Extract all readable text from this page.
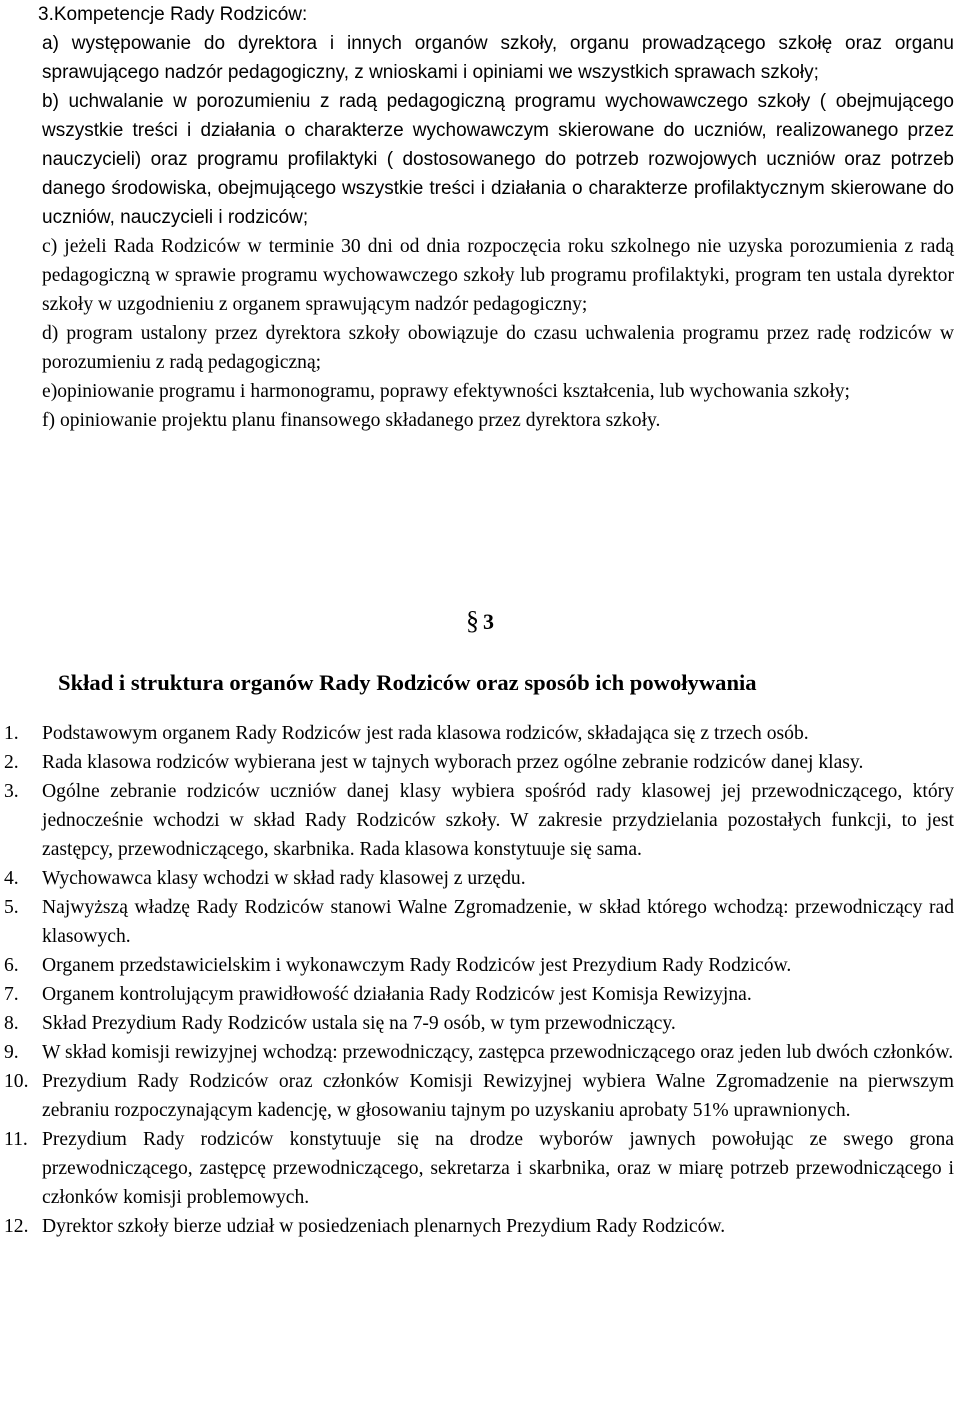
3.Kompetencje Rady Rodziców:

a) występowanie do dyrektora i innych organów szkoły, organu prowadzącego szkołę oraz organu sprawującego nadzór pedagogiczny, z wnioskami i opiniami we wszystkich sprawach szkoły;

b) uchwalanie w porozumieniu z radą pedagogiczną programu wychowawczego szkoły ( obejmującego wszystkie treści i działania o charakterze wychowawczym skierowane do uczniów, realizowanego przez nauczycieli) oraz programu profilaktyki ( dostosowanego do potrzeb rozwojowych uczniów oraz potrzeb danego środowiska, obejmującego wszystkie treści i działania o charakterze profilaktycznym skierowane do uczniów, nauczycieli i rodziców;

c) jeżeli Rada Rodziców w terminie 30 dni od dnia rozpoczęcia roku szkolnego nie uzyska porozumienia z radą pedagogiczną w sprawie programu wychowawczego szkoły lub programu profilaktyki, program ten ustala dyrektor szkoły w uzgodnieniu z organem sprawującym nadzór pedagogiczny;

d) program ustalony przez dyrektora szkoły obowiązuje do czasu uchwalenia programu przez radę rodziców w porozumieniu z radą pedagogiczną;

e)opiniowanie programu i harmonogramu, poprawy efektywności kształcenia, lub wychowania szkoły;

f) opiniowanie projektu planu finansowego składanego przez dyrektora szkoły.

§ 3
Skład i struktura organów Rady Rodziców oraz sposób ich powoływania
1.	Podstawowym organem Rady Rodziców jest rada klasowa rodziców, składająca się z trzech osób.
2.	Rada klasowa rodziców wybierana jest w tajnych wyborach przez ogólne zebranie rodziców danej klasy.
3.	Ogólne zebranie rodziców uczniów danej klasy wybiera spośród rady klasowej jej przewodniczącego, który jednocześnie wchodzi w skład Rady Rodziców szkoły. W zakresie przydzielania pozostałych funkcji, to jest zastępcy, przewodniczącego, skarbnika. Rada klasowa konstytuuje się sama.
4.	Wychowawca klasy wchodzi w skład rady klasowej z urzędu.
5.	Najwyższą władzę Rady Rodziców stanowi Walne Zgromadzenie, w skład którego wchodzą: przewodniczący rad klasowych.
6.	Organem przedstawicielskim i wykonawczym Rady Rodziców jest Prezydium Rady Rodziców.
7.	Organem kontrolującym prawidłowość działania Rady Rodziców jest Komisja Rewizyjna.
8.	Skład Prezydium Rady Rodziców ustala się na 7-9 osób, w tym przewodniczący.
9.	W skład komisji rewizyjnej wchodzą: przewodniczący, zastępca przewodniczącego oraz jeden lub dwóch członków.
10. Prezydium Rady Rodziców oraz członków Komisji Rewizyjnej wybiera Walne Zgromadzenie na pierwszym zebraniu rozpoczynającym kadencję, w głosowaniu tajnym po uzyskaniu aprobaty 51% uprawnionych.
11. Prezydium Rady rodziców konstytuuje się na drodze wyborów jawnych powołując ze swego grona przewodniczącego, zastępcę przewodniczącego, sekretarza i skarbnika, oraz w miarę potrzeb przewodniczącego i członków komisji problemowych.
12. Dyrektor szkoły bierze udział w posiedzeniach plenarnych Prezydium Rady Rodziców.
